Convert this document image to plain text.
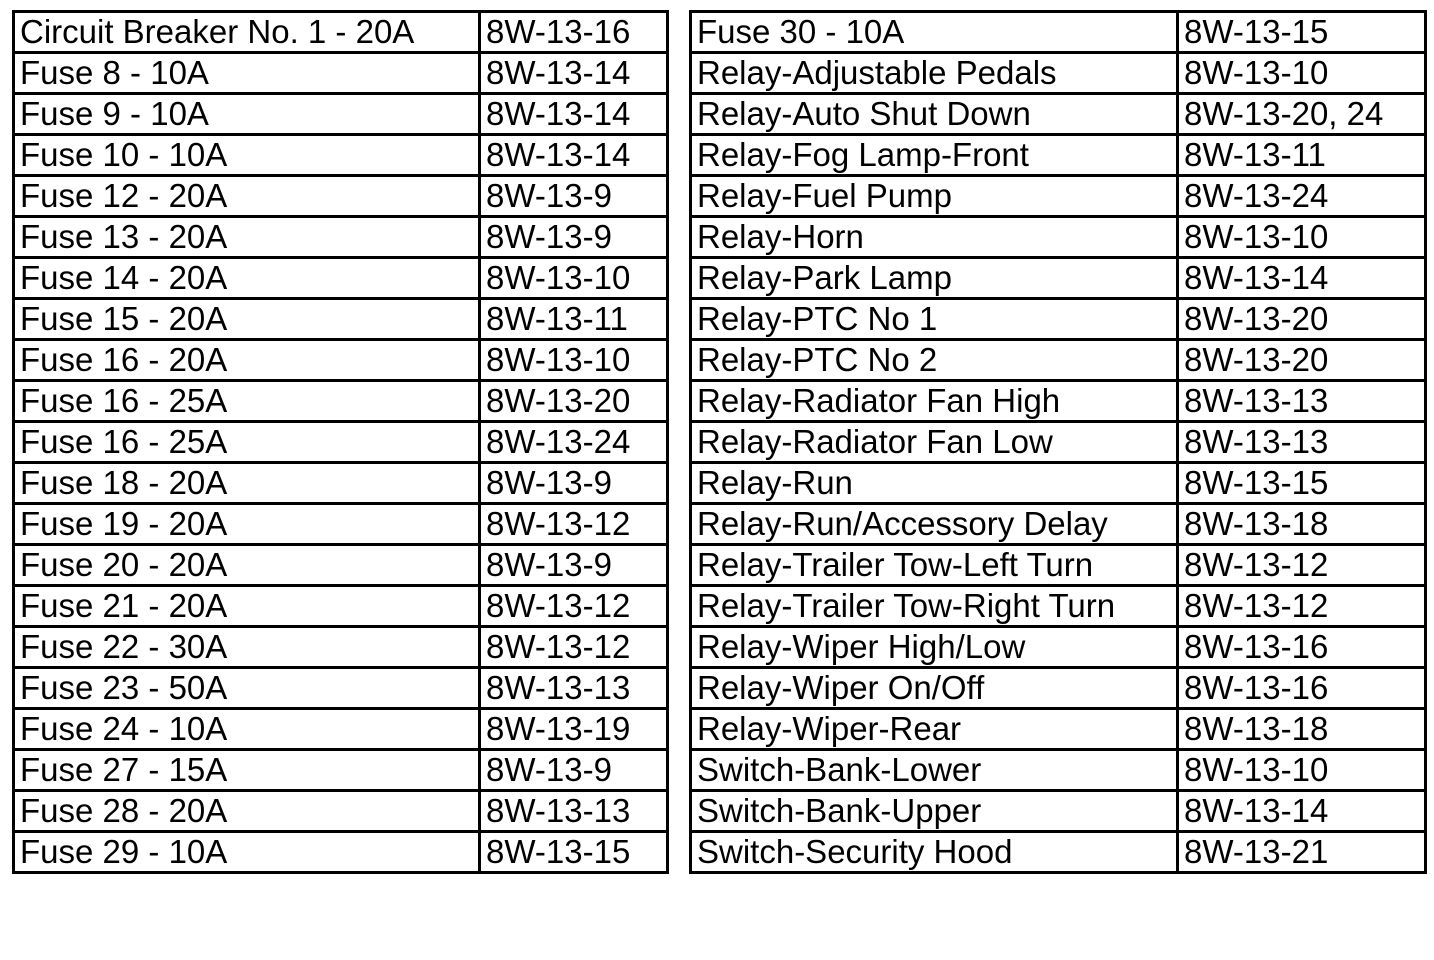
Circuit Breaker No. 1 - 20A	8W-13-16
Fuse 8 - 10A	8W-13-14
Fuse 9 - 10A	8W-13-14
Fuse 10 - 10A	8W-13-14
Fuse 12 - 20A	8W-13-9
Fuse 13 - 20A	8W-13-9
Fuse 14 - 20A	8W-13-10
Fuse 15 - 20A	8W-13-11
Fuse 16 - 20A	8W-13-10
Fuse 16 - 25A	8W-13-20
Fuse 16 - 25A	8W-13-24
Fuse 18 - 20A	8W-13-9
Fuse 19 - 20A	8W-13-12
Fuse 20 - 20A	8W-13-9
Fuse 21 - 20A	8W-13-12
Fuse 22 - 30A	8W-13-12
Fuse 23 - 50A	8W-13-13
Fuse 24 - 10A	8W-13-19
Fuse 27 - 15A	8W-13-9
Fuse 28 - 20A	8W-13-13
Fuse 29 - 10A	8W-13-15
Fuse 30 - 10A	8W-13-15
Relay-Adjustable Pedals	8W-13-10
Relay-Auto Shut Down	8W-13-20, 24
Relay-Fog Lamp-Front	8W-13-11
Relay-Fuel Pump	8W-13-24
Relay-Horn	8W-13-10
Relay-Park Lamp	8W-13-14
Relay-PTC No 1	8W-13-20
Relay-PTC No 2	8W-13-20
Relay-Radiator Fan High	8W-13-13
Relay-Radiator Fan Low	8W-13-13
Relay-Run	8W-13-15
Relay-Run/Accessory Delay	8W-13-18
Relay-Trailer Tow-Left Turn	8W-13-12
Relay-Trailer Tow-Right Turn	8W-13-12
Relay-Wiper High/Low	8W-13-16
Relay-Wiper On/Off	8W-13-16
Relay-Wiper-Rear	8W-13-18
Switch-Bank-Lower	8W-13-10
Switch-Bank-Upper	8W-13-14
Switch-Security Hood	8W-13-21
